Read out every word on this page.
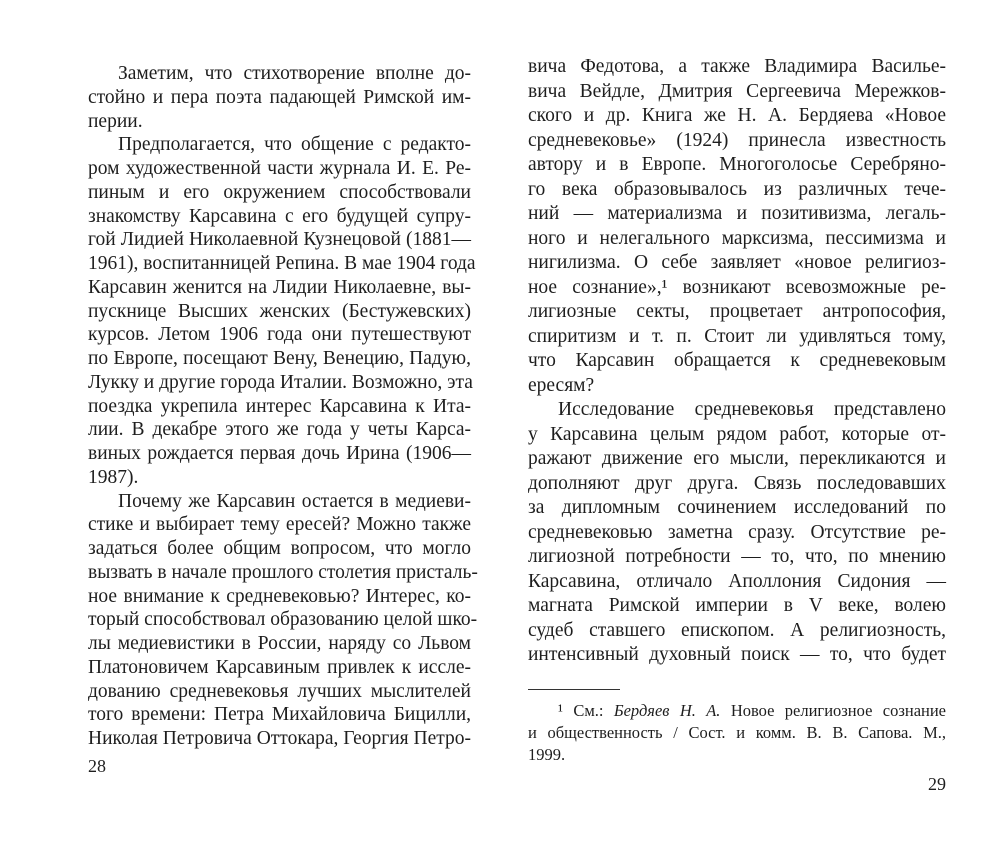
Заметим, что стихотворение вполне до-
стойно и пера поэта падающей Римской им-
перии.
Предполагается, что общение с редакто-
ром художественной части журнала И. Е. Ре-
пиным и его окружением способствовали
знакомству Карсавина с его будущей супру-
гой Лидией Николаевной Кузнецовой (1881—
1961), воспитанницей Репина. В мае 1904 года
Карсавин женится на Лидии Николаевне, вы-
пускнице Высших женских (Бестужевских)
курсов. Летом 1906 года они путешествуют
по Европе, посещают Вену, Венецию, Падую,
Лукку и другие города Италии. Возможно, эта
поездка укрепила интерес Карсавина к Ита-
лии. В декабре этого же года у четы Карса-
виных рождается первая дочь Ирина (1906—
1987).
Почему же Карсавин остается в медиеви-
стике и выбирает тему ересей? Можно также
задаться более общим вопросом, что могло
вызвать в начале прошлого столетия присталь-
ное внимание к средневековью? Интерес, ко-
торый способствовал образованию целой шко-
лы медиевистики в России, наряду со Львом
Платоновичем Карсавиным привлек к иссле-
дованию средневековья лучших мыслителей
того времени: Петра Михайловича Бицилли,
Николая Петровича Оттокара, Георгия Петро-
28
вича Федотова, а также Владимира Василье-
вича Вейдле, Дмитрия Сергеевича Мережков-
ского и др. Книга же Н. А. Бердяева «Новое
средневековье» (1924) принесла известность
автору и в Европе. Многоголосье Серебряно-
го века образовывалось из различных тече-
ний — материализма и позитивизма, легаль-
ного и нелегального марксизма, пессимизма и
нигилизма. О себе заявляет «новое религиоз-
ное сознание»,¹ возникают всевозможные ре-
лигиозные секты, процветает антропософия,
спиритизм и т. п. Стоит ли удивляться тому,
что Карсавин обращается к средневековым
ересям?
Исследование средневековья представлено
у Карсавина целым рядом работ, которые от-
ражают движение его мысли, перекликаются и
дополняют друг друга. Связь последовавших
за дипломным сочинением исследований по
средневековью заметна сразу. Отсутствие ре-
лигиозной потребности — то, что, по мнению
Карсавина, отличало Аполлония Сидония —
магната Римской империи в V веке, волею
судеб ставшего епископом. А религиозность,
интенсивный духовный поиск — то, что будет
¹ См.: Бердяев Н. А. Новое религиозное сознание
и общественность / Сост. и комм. В. В. Сапова. М.,
1999.
29
